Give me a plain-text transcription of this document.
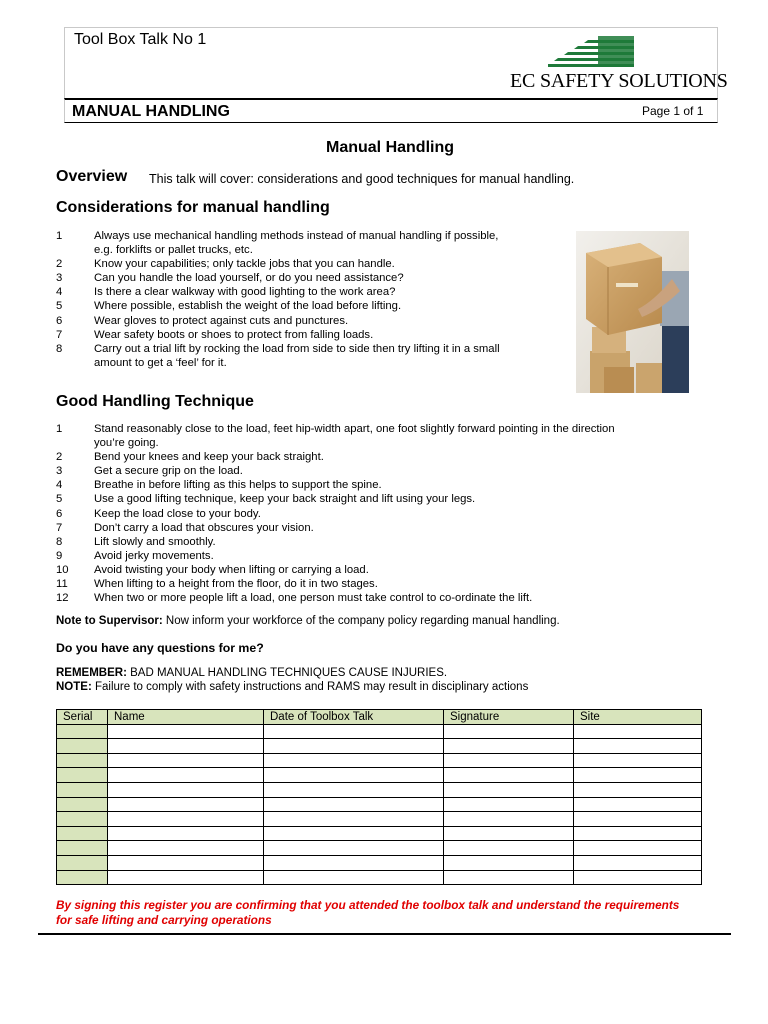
Tool Box Talk No 1
EC SAFETY SOLUTIONS
MANUAL HANDLING	Page 1 of 1
Manual Handling
Overview This talk will cover: considerations and good techniques for manual handling.
Considerations for manual handling
1	Always use mechanical handling methods instead of manual handling if possible,
e.g. forklifts or pallet trucks, etc.
2	Know your capabilities; only tackle jobs that you can handle.
3	Can you handle the load yourself, or do you need assistance?
4	Is there a clear walkway with good lighting to the work area?
5	Where possible, establish the weight of the load before lifting.
6	Wear gloves to protect against cuts and punctures.
7	Wear safety boots or shoes to protect from falling loads.
8	Carry out a trial lift by rocking the load from side to side then try lifting it in a small
amount to get a ‘feel’ for it.
Good Handling Technique
1	Stand reasonably close to the load, feet hip-width apart, one foot slightly forward pointing in the direction
you’re going.
2	Bend your knees and keep your back straight.
3	Get a secure grip on the load.
4	Breathe in before lifting as this helps to support the spine.
5	Use a good lifting technique, keep your back straight and lift using your legs.
6	Keep the load close to your body.
7	Don’t carry a load that obscures your vision.
8	Lift slowly and smoothly.
9	Avoid jerky movements.
10 Avoid twisting your body when lifting or carrying a load.
11 When lifting to a height from the floor, do it in two stages.
12 When two or more people lift a load, one person must take control to co-ordinate the lift.
Note to Supervisor: Now inform your workforce of the company policy regarding manual handling.
Do you have any questions for me?
REMEMBER: BAD MANUAL HANDLING TECHNIQUES CAUSE INJURIES.
NOTE: Failure to comply with safety instructions and RAMS may result in disciplinary actions
Serial	Name	Date of Toolbox Talk	Signature	Site

By signing this register you are confirming that you attended the toolbox talk and understand the requirements for safe lifting and carrying operations
